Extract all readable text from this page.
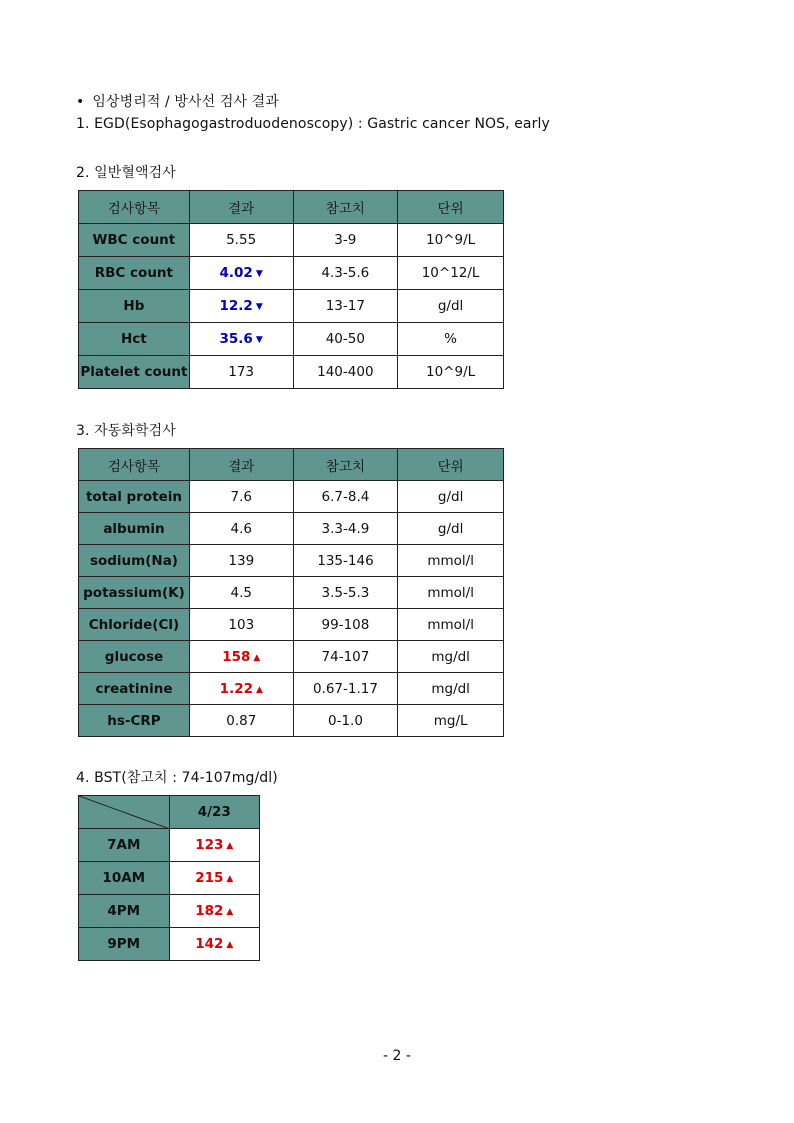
• 임상병리적 / 방사선 검사 결과
1. EGD(Esophagogastroduodenoscopy) : Gastric cancer NOS, early
2. 일반혈액검사
검사항목	결과	참고치	단위
WBC count	5.55	3-9	10^9/L
RBC count	4.02 ▼	4.3-5.6	10^12/L
Hb	12.2 ▼	13-17	g/dl
Hct	35.6 ▼	40-50	%
Platelet count	173	140-400	10^9/L
3. 자동화학검사
검사항목	결과	참고치	단위
total protein	7.6	6.7-8.4	g/dl
albumin	4.6	3.3-4.9	g/dl
sodium(Na)	139	135-146	mmol/l
potassium(K)	4.5	3.5-5.3	mmol/l
Chloride(Cl)	103	99-108	mmol/l
glucose	158 ▲	74-107	mg/dl
creatinine	1.22 ▲	0.67-1.17	mg/dl
hs-CRP	0.87	0-1.0	mg/L
4. BST(참고치 : 74-107mg/dl)
	4/23
7AM	123 ▲
10AM	215 ▲
4PM	182 ▲
9PM	142 ▲
- 2 -
